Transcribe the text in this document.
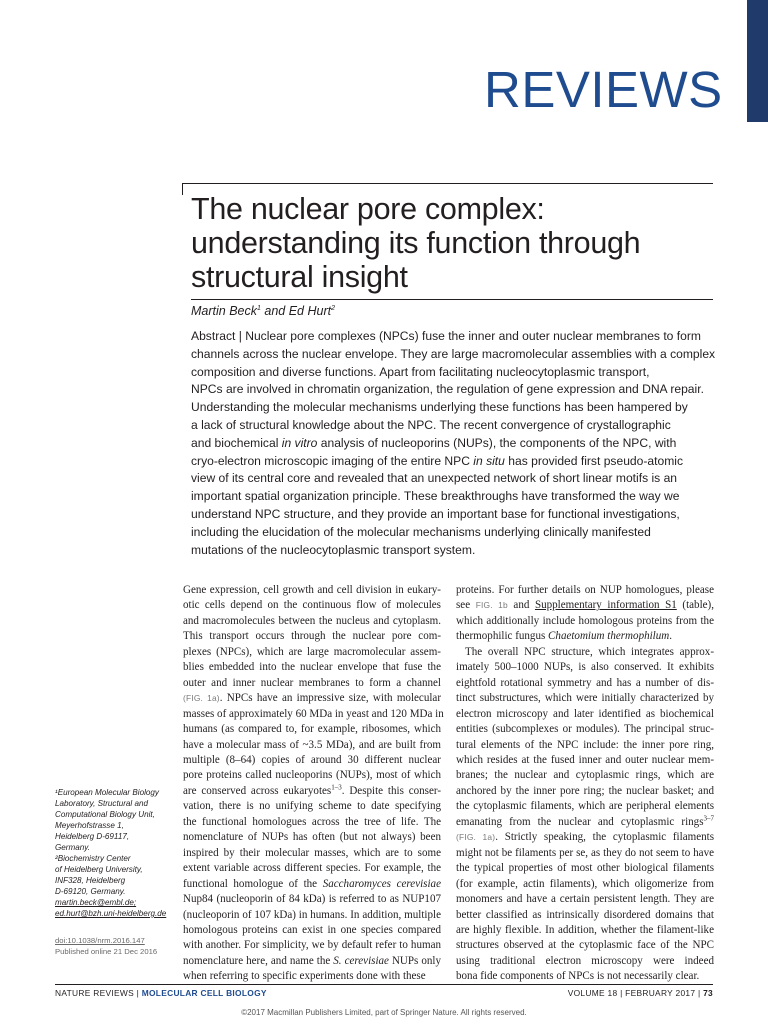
REVIEWS
The nuclear pore complex:
understanding its function through
structural insight
Martin Beck$^1$ and Ed Hurt$^2$
Abstract | Nuclear pore complexes (NPCs) fuse the inner and outer nuclear membranes to form
channels across the nuclear envelope. They are large macromolecular assemblies with a complex
composition and diverse functions. Apart from facilitating nucleocytoplasmic transport,
NPCs are involved in chromatin organization, the regulation of gene expression and DNA repair.
Understanding the molecular mechanisms underlying these functions has been hampered by
a lack of structural knowledge about the NPC. The recent convergence of crystallographic
and biochemical in vitro analysis of nucleoporins (NUPs), the components of the NPC, with
cryo-electron microscopic imaging of the entire NPC in situ has provided first pseudo-atomic
view of its central core and revealed that an unexpected network of short linear motifs is an
important spatial organization principle. These breakthroughs have transformed the way we
understand NPC structure, and they provide an important base for functional investigations,
including the elucidation of the molecular mechanisms underlying clinically manifested
mutations of the nucleocytoplasmic transport system.
Gene expression, cell growth and cell division in eukary-
otic cells depend on the continuous flow of molecules
and macromolecules between the nucleus and cytoplasm.
This transport occurs through the nuclear pore com-
plexes (NPCs), which are large macromolecular assem-
blies embedded into the nuclear envelope that fuse the
outer and inner nuclear membranes to form a channel
(FIG. 1a). NPCs have an impressive size, with molecular
masses of approximately 60 MDa in yeast and 120 MDa in
humans (as compared to, for example, ribosomes, which
have a molecular mass of ~3.5 MDa), and are built from
multiple (8–64) copies of around 30 different nuclear
pore proteins called nucleoporins (NUPs), most of which
are conserved across eukaryotes$^{1-3}$. Despite this conser-
vation, there is no unifying scheme to date specifying
the functional homologues across the tree of life. The
nomenclature of NUPs has often (but not always) been
inspired by their molecular masses, which are to some
extent variable across different species. For example, the
functional homologue of the Saccharomyces cerevisiae
Nup84 (nucleoporin of 84 kDa) is referred to as NUP107
(nucleoporin of 107 kDa) in humans. In addition, multiple
homologous proteins can exist in one species compared
with another. For simplicity, we by default refer to human
nomenclature here, and name the S. cerevisiae NUPs only
when referring to specific experiments done with these
proteins. For further details on NUP homologues, please
see FIG. 1b and Supplementary information S1 (table),
which additionally include homologous proteins from the
thermophilic fungus Chaetomium thermophilum.
The overall NPC structure, which integrates approx-
imately 500–1000 NUPs, is also conserved. It exhibits
eightfold rotational symmetry and has a number of dis-
tinct substructures, which were initially characterized by
electron microscopy and later identified as biochemical
entities (subcomplexes or modules). The principal struc-
tural elements of the NPC include: the inner pore ring,
which resides at the fused inner and outer nuclear mem-
branes; the nuclear and cytoplasmic rings, which are
anchored by the inner pore ring; the nuclear basket; and
the cytoplasmic filaments, which are peripheral elements
emanating from the nuclear and cytoplasmic rings$^{3-7}$
(FIG. 1a). Strictly speaking, the cytoplasmic filaments
might not be filaments per se, as they do not seem to have
the typical properties of most other biological filaments
(for example, actin filaments), which oligomerize from
monomers and have a certain persistent length. They are
better classified as intrinsically disordered domains that
are highly flexible. In addition, whether the filament-like
structures observed at the cytoplasmic face of the NPC
using traditional electron microscopy were indeed
bona fide components of NPCs is not necessarily clear.
¹European Molecular Biology
Laboratory, Structural and
Computational Biology Unit,
Meyerhofstrasse 1,
Heidelberg D-69117,
Germany.
²Biochemistry Center
of Heidelberg University,
INF328, Heidelberg
D-69120, Germany.
martin.beck@embl.de;
ed.hurt@bzh.uni-heidelberg.de
doi:10.1038/nrm.2016.147
Published online 21 Dec 2016
NATURE REVIEWS | MOLECULAR CELL BIOLOGY	VOLUME 18 | FEBRUARY 2017 | 73
©2017 Macmillan Publishers Limited, part of Springer Nature. All rights reserved.
